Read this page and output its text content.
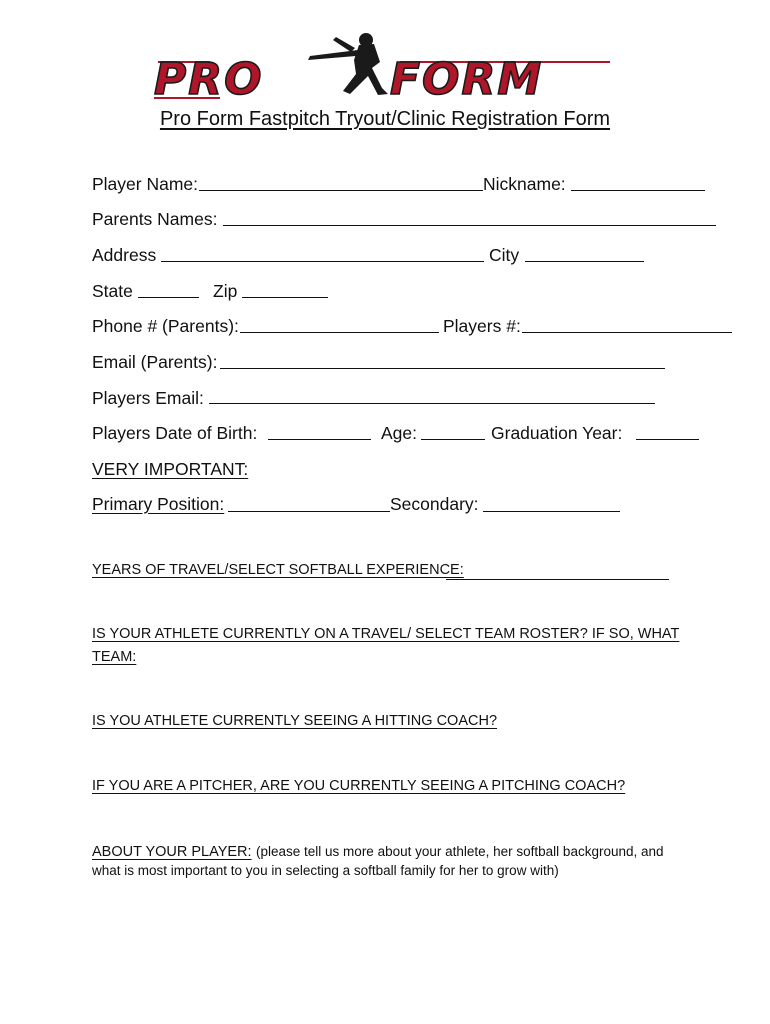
PRO	FORM
Pro Form Fastpitch Tryout/Clinic Registration Form
Player Name:	Nickname:
Parents Names:
Address	City
State	Zip
Phone # (Parents):	Players #:
Email (Parents):
Players Email:
Players Date of Birth:	Age:	Graduation Year:
VERY IMPORTANT:
Primary Position:	Secondary:
YEARS OF TRAVEL/SELECT SOFTBALL EXPERIENCE:
IS YOUR ATHLETE CURRENTLY ON A TRAVEL/ SELECT TEAM ROSTER? IF SO, WHAT
TEAM:
IS YOU ATHLETE CURRENTLY SEEING A HITTING COACH?
IF YOU ARE A PITCHER, ARE YOU CURRENTLY SEEING A PITCHING COACH?
ABOUT YOUR PLAYER: (please tell us more about your athlete, her softball background, and
what is most important to you in selecting a softball family for her to grow with)
